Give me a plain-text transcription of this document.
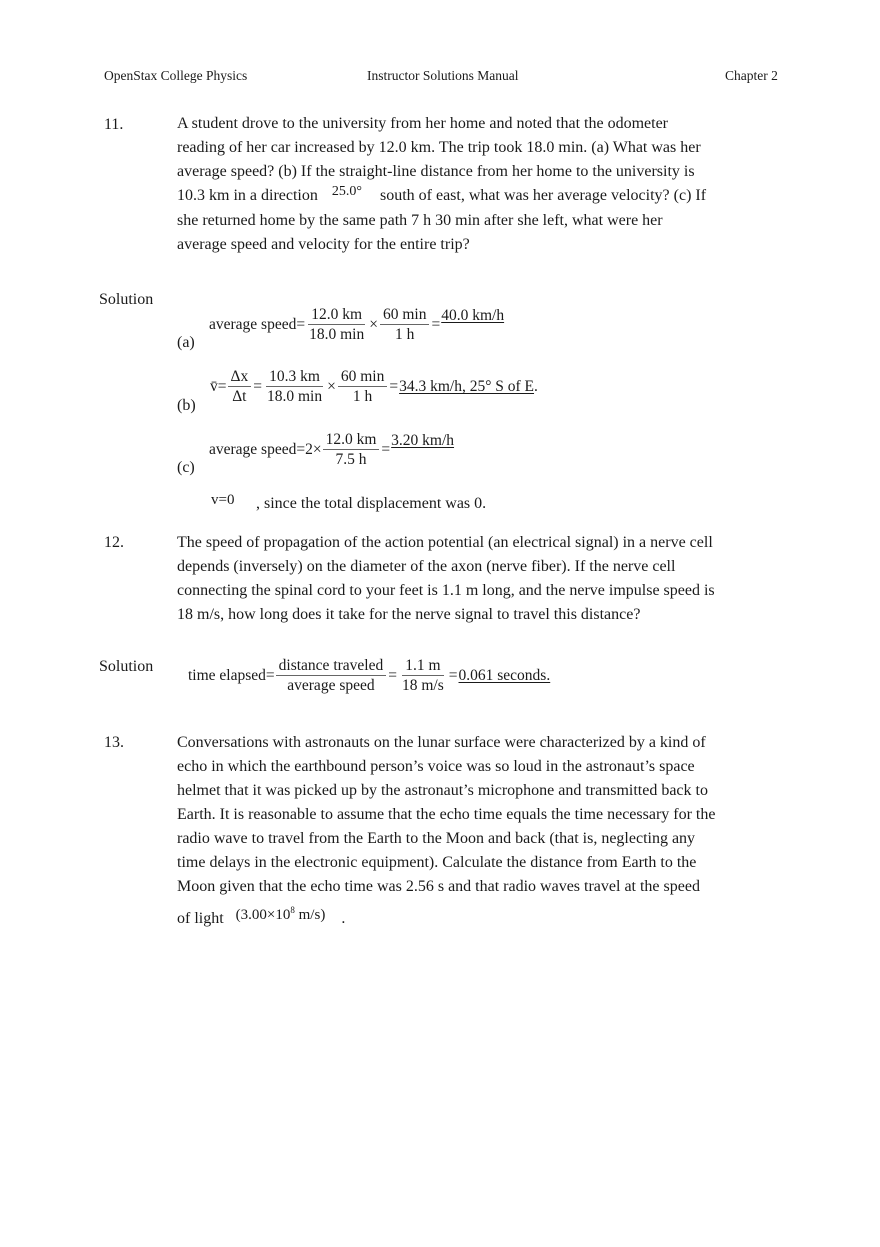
OpenStax College Physics	Instructor Solutions Manual	Chapter 2
11.	A student drove to the university from her home and noted that the odometer
reading of her car increased by 12.0 km. The trip took 18.0 min. (a) What was her
average speed? (b) If the straight-line distance from her home to the university is
10.3 km in a direction 25.0° south of east, what was her average velocity? (c) If
she returned home by the same path 7 h 30 min after she left, what were her
average speed and velocity for the entire trip?
Solution
(a)
average speed= $\frac{12.0 km}{18.0 \min} \times \frac{60 \min}{1 h}$ =
40.0 km/h
(b)
v̄= $\frac{\Delta x}{\Delta t} = \frac{10.3 km}{18.0 \min} \times \frac{60 \min}{1 h} = 34.3$ km/h, 25° S of E .
(c)
average speed=2× $\frac{12.0 km}{7.5 h}$ =
3.20 km/h
v=0 , since the total displacement was 0.
12.	The speed of propagation of the action potential (an electrical signal) in a nerve cell
depends (inversely) on the diameter of the axon (nerve fiber). If the nerve cell
connecting the spinal cord to your feet is 1.1 m long, and the nerve impulse speed is
18 m/s, how long does it take for the nerve signal to travel this distance?
Solution
time elapsed= $\frac{\text{distance traveled}}{\text{average speed}} = \frac{1.1 m}{18 m/s} = 0.061$ seconds.
13.	Conversations with astronauts on the lunar surface were characterized by a kind of
echo in which the earthbound person’s voice was so loud in the astronaut’s space
helmet that it was picked up by the astronaut’s microphone and transmitted back to
Earth. It is reasonable to assume that the echo time equals the time necessary for the
radio wave to travel from the Earth to the Moon and back (that is, neglecting any
time delays in the electronic equipment). Calculate the distance from Earth to the
Moon given that the echo time was 2.56 s and that radio waves travel at the speed
of light ($3.00\times 10^8$ m/s) .
